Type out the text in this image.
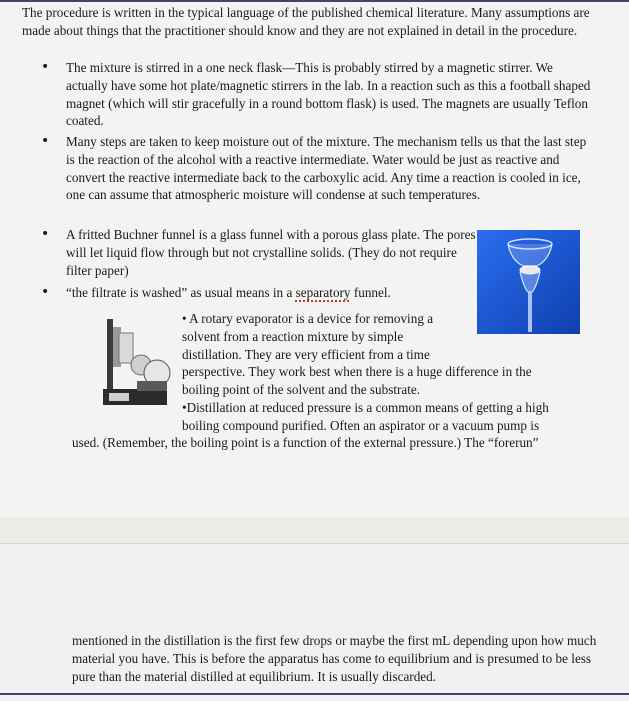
The procedure is written in the typical language of the published chemical literature. Many assumptions are made about things that the practitioner should know and they are not explained in detail in the procedure.

• The mixture is stirred in a one neck flask—This is probably stirred by a magnetic stirrer. We actually have some hot plate/magnetic stirrers in the lab. In a reaction such as this a football shaped magnet (which will stir gracefully in a round bottom flask) is used. The magnets are usually Teflon coated.
• Many steps are taken to keep moisture out of the mixture. The mechanism tells us that the last step is the reaction of the alcohol with a reactive intermediate. Water would be just as reactive and convert the reactive intermediate back to the carboxylic acid. Any time a reaction is cooled in ice, one can assume that atmospheric moisture will condense at such temperatures.
• A fritted Buchner funnel is a glass funnel with a porous glass plate. The pores will let liquid flow through but not crystalline solids. (They do not require filter paper)
• “the filtrate is washed” as usual means in a separatory funnel.
• A rotary evaporator is a device for removing a
solvent from a reaction mixture by simple
distillation. They are very efficient from a time
perspective. They work best when there is a huge difference in the
boiling point of the solvent and the substrate.
•Distillation at reduced pressure is a common means of getting a high
boiling compound purified. Often an aspirator or a vacuum pump is
used. (Remember, the boiling point is a function of the external pressure.) The “forerun”
mentioned in the distillation is the first few drops or maybe the first mL depending upon how much material you have. This is before the apparatus has come to equilibrium and is presumed to be less pure than the material distilled at equilibrium. It is usually discarded.
